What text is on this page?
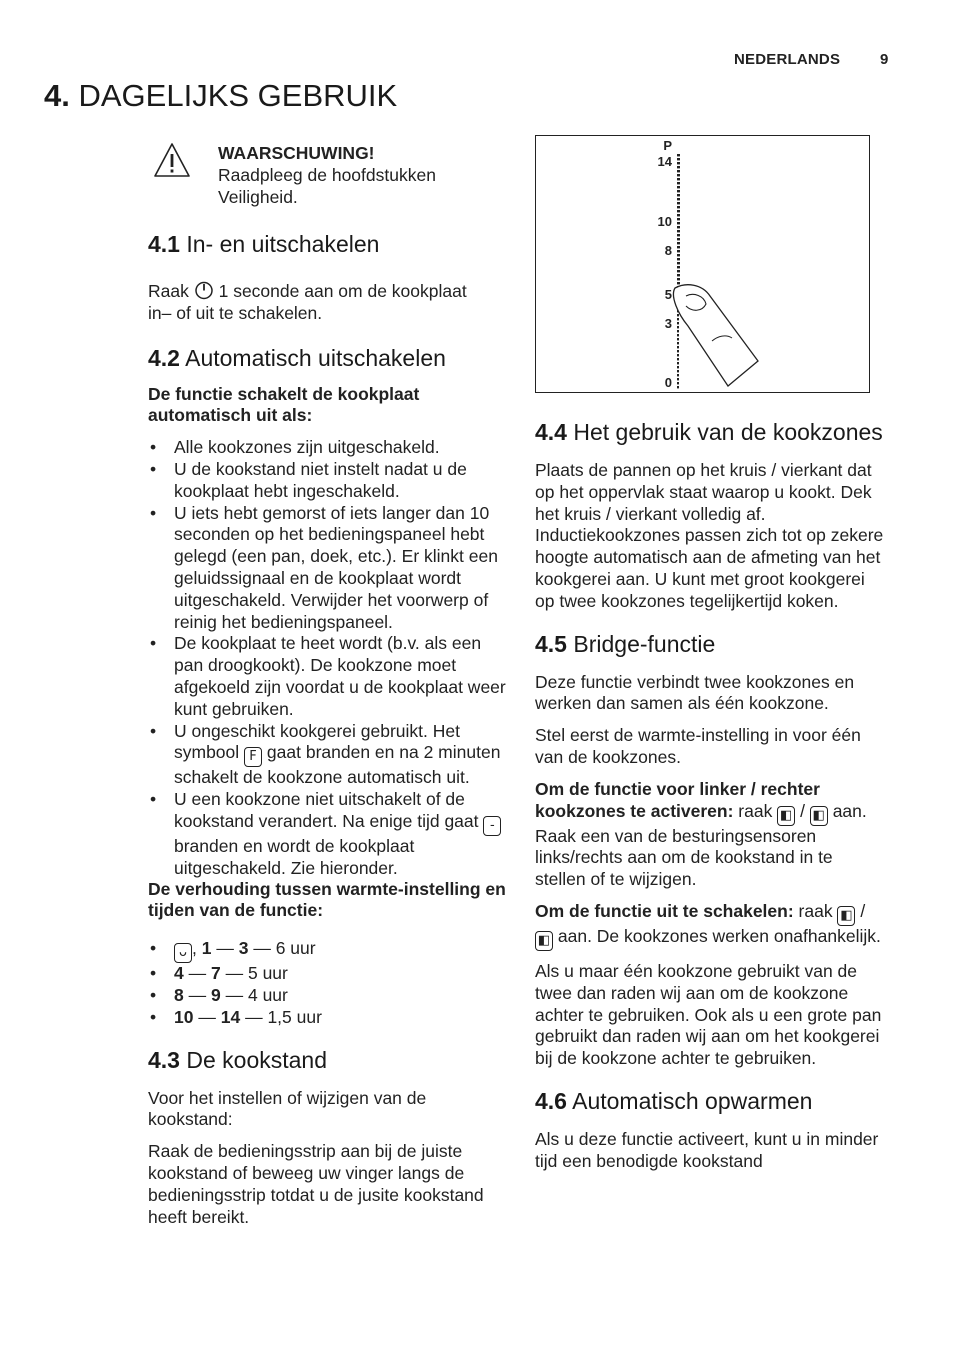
NEDERLANDS	9
4. DAGELIJKS GEBRUIK
WAARSCHUWING!
Raadpleeg de hoofdstukken
Veiligheid.
4.1 In- en uitschakelen

Raak 1 seconde aan om de kookplaat
in– of uit te schakelen.

4.2 Automatisch uitschakelen

De functie schakelt de kookplaat automatisch uit als:

• Alle kookzones zijn uitgeschakeld.
• U de kookstand niet instelt nadat u de kookplaat hebt ingeschakeld.
• U iets hebt gemorst of iets langer dan 10 seconden op het bedieningspaneel hebt gelegd (een pan, doek, etc.). Er klinkt een geluidssignaal en de kookplaat wordt uitgeschakeld. Verwijder het voorwerp of reinig het bedieningspaneel.
• De kookplaat te heet wordt (b.v. als een pan droogkookt). De kookzone moet afgekoeld zijn voordat u de kookplaat weer kunt gebruiken.
• U ongeschikt kookgerei gebruikt. Het symbool F gaat branden en na 2 minuten schakelt de kookzone automatisch uit.
• U een kookzone niet uitschakelt of de kookstand verandert. Na enige tijd gaat - branden en wordt de kookplaat uitgeschakeld. Zie hieronder.

De verhouding tussen warmte-instelling en tijden van de functie:

• ᴗ , 1 — 3 — 6 uur
• 4 — 7 — 5 uur
• 8 — 9 — 4 uur
• 10 — 14 — 1,5 uur
4.3 De kookstand

Voor het instellen of wijzigen van de kookstand:

Raak de bedieningsstrip aan bij de juiste kookstand of beweeg uw vinger langs de bedieningsstrip totdat u de jusite kookstand heeft bereikt.

P
14
10
8
5
3
0
4.4 Het gebruik van de kookzones

Plaats de pannen op het kruis / vierkant dat op het oppervlak staat waarop u kookt. Dek het kruis / vierkant volledig af. Inductiekookzones passen zich tot op zekere hoogte automatisch aan de afmeting van het kookgerei aan. U kunt met groot kookgerei op twee kookzones tegelijkertijd koken.

4.5 Bridge-functie

Deze functie verbindt twee kookzones en werken dan samen als één kookzone.

Stel eerst de warmte-instelling in voor één van de kookzones.

Om de functie voor linker / rechter kookzones te activeren: raak ◧ / ◧ aan. Raak een van de besturingsensoren links/rechts aan om de kookstand in te stellen of te wijzigen.

Om de functie uit te schakelen: raak ◧ / ◧ aan. De kookzones werken onafhankelijk.

Als u maar één kookzone gebruikt van de twee dan raden wij aan om de kookzone achter te gebruiken. Ook als u een grote pan gebruikt dan raden wij aan om het kookgerei bij de kookzone achter te gebruiken.

4.6 Automatisch opwarmen

Als u deze functie activeert, kunt u in minder tijd een benodigde kookstand
